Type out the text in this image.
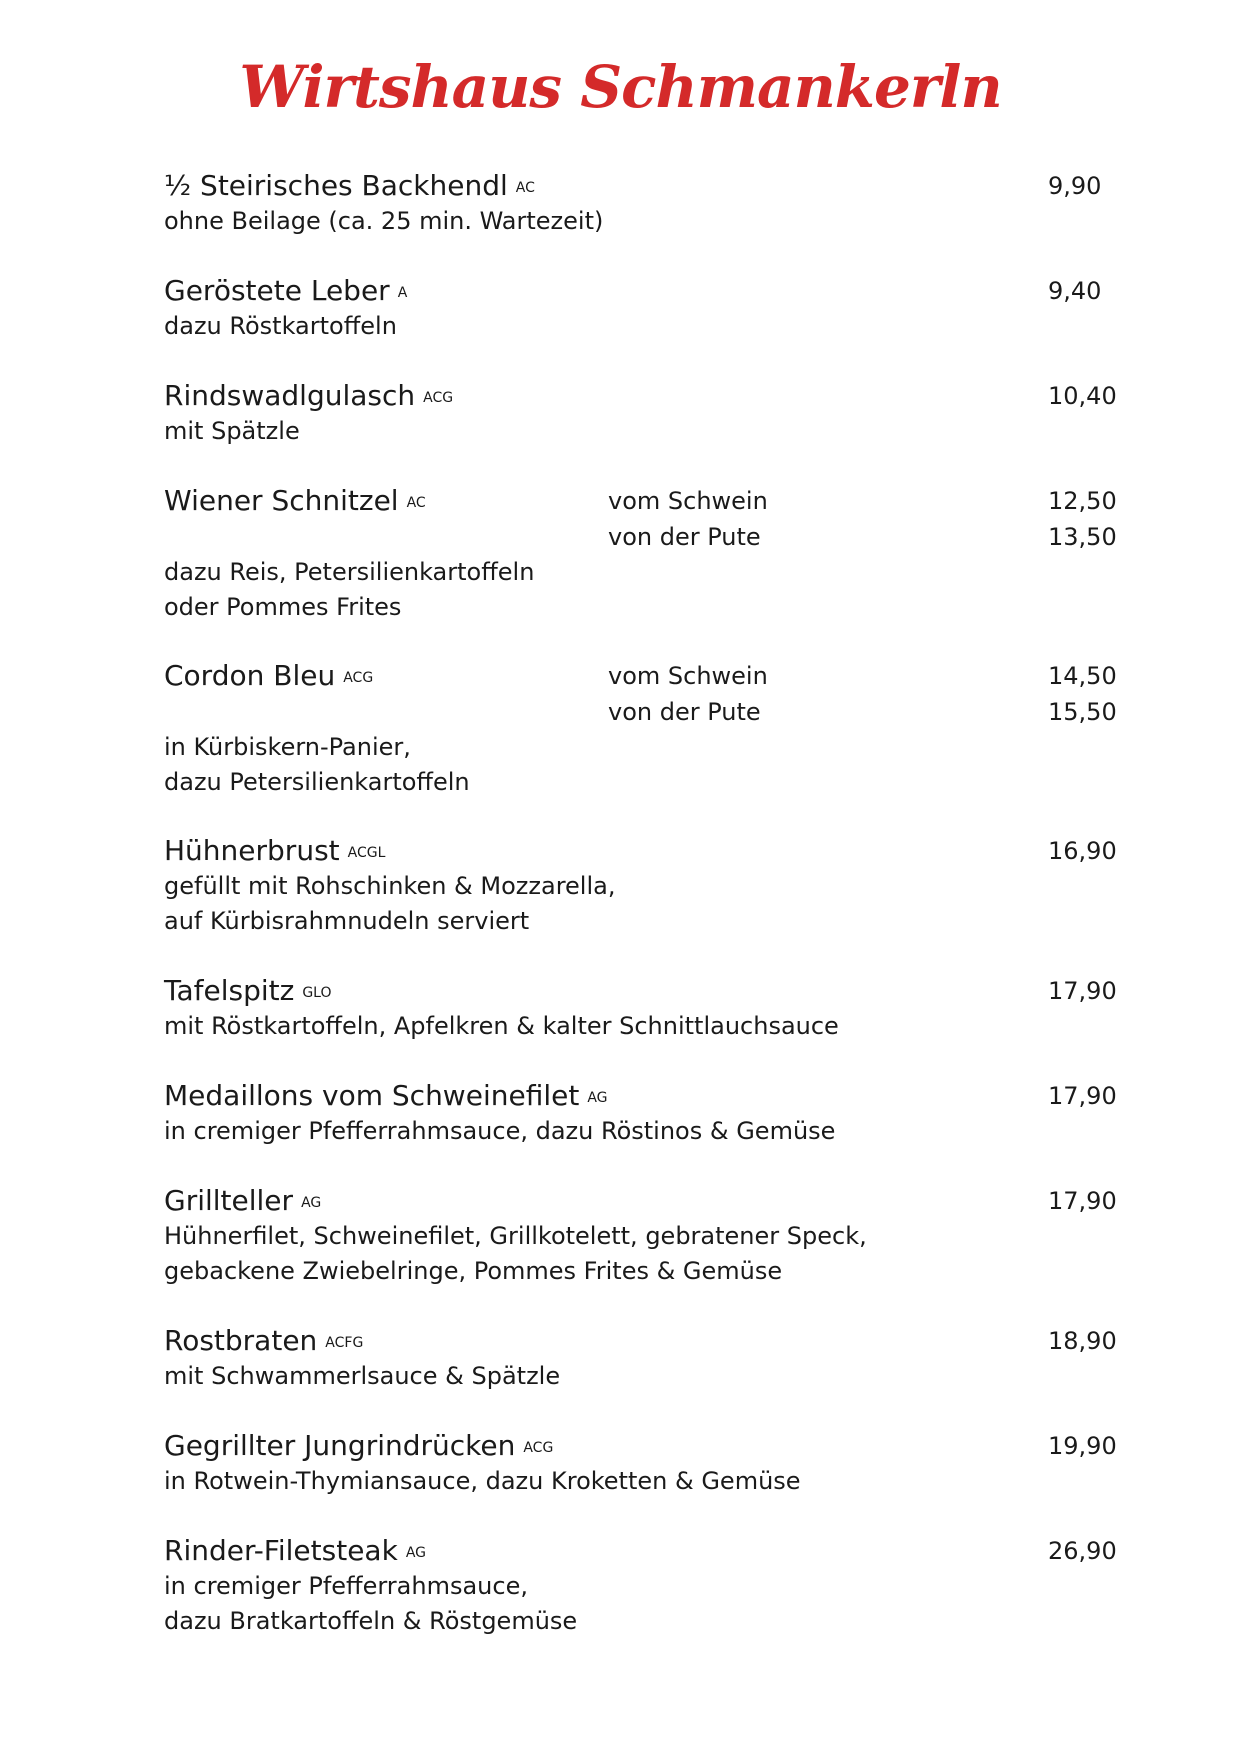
Wirtshaus Schmankerln
½ Steirisches Backhendl $^{AC}$	9,90
ohne Beilage (ca. 25 min. Wartezeit)
Geröstete Leber $^A$	9,40
dazu Röstkartoffeln
Rindswadlgulasch $^{ACG}$	10,40
mit Spätzle
Wiener Schnitzel $^{AC}$	vom Schwein	12,50
von der Pute	13,50
dazu Reis, Petersilienkartoffeln
oder Pommes Frites
Cordon Bleu $^{ACG}$	vom Schwein	14,50
von der Pute	15,50
in Kürbiskern-Panier,
dazu Petersilienkartoffeln
Hühnerbrust $^{ACGL}$	16,90
gefüllt mit Rohschinken & Mozzarella,
auf Kürbisrahmnudeln serviert
Tafelspitz $^{GLO}$	17,90
mit Röstkartoffeln, Apfelkren & kalter Schnittlauchsauce
Medaillons vom Schweinefilet $^{AG}$	17,90
in cremiger Pfefferrahmsauce, dazu Röstinos & Gemüse
Grillteller $^{AG}$	17,90
Hühnerfilet, Schweinefilet, Grillkotelett, gebratener Speck,
gebackene Zwiebelringe, Pommes Frites & Gemüse
Rostbraten $^{ACFG}$	18,90
mit Schwammerlsauce & Spätzle
Gegrillter Jungrindrücken $^{ACG}$	19,90
in Rotwein-Thymiansauce, dazu Kroketten & Gemüse
Rinder-Filetsteak $^{AG}$	26,90
in cremiger Pfefferrahmsauce,
dazu Bratkartoffeln & Röstgemüse
